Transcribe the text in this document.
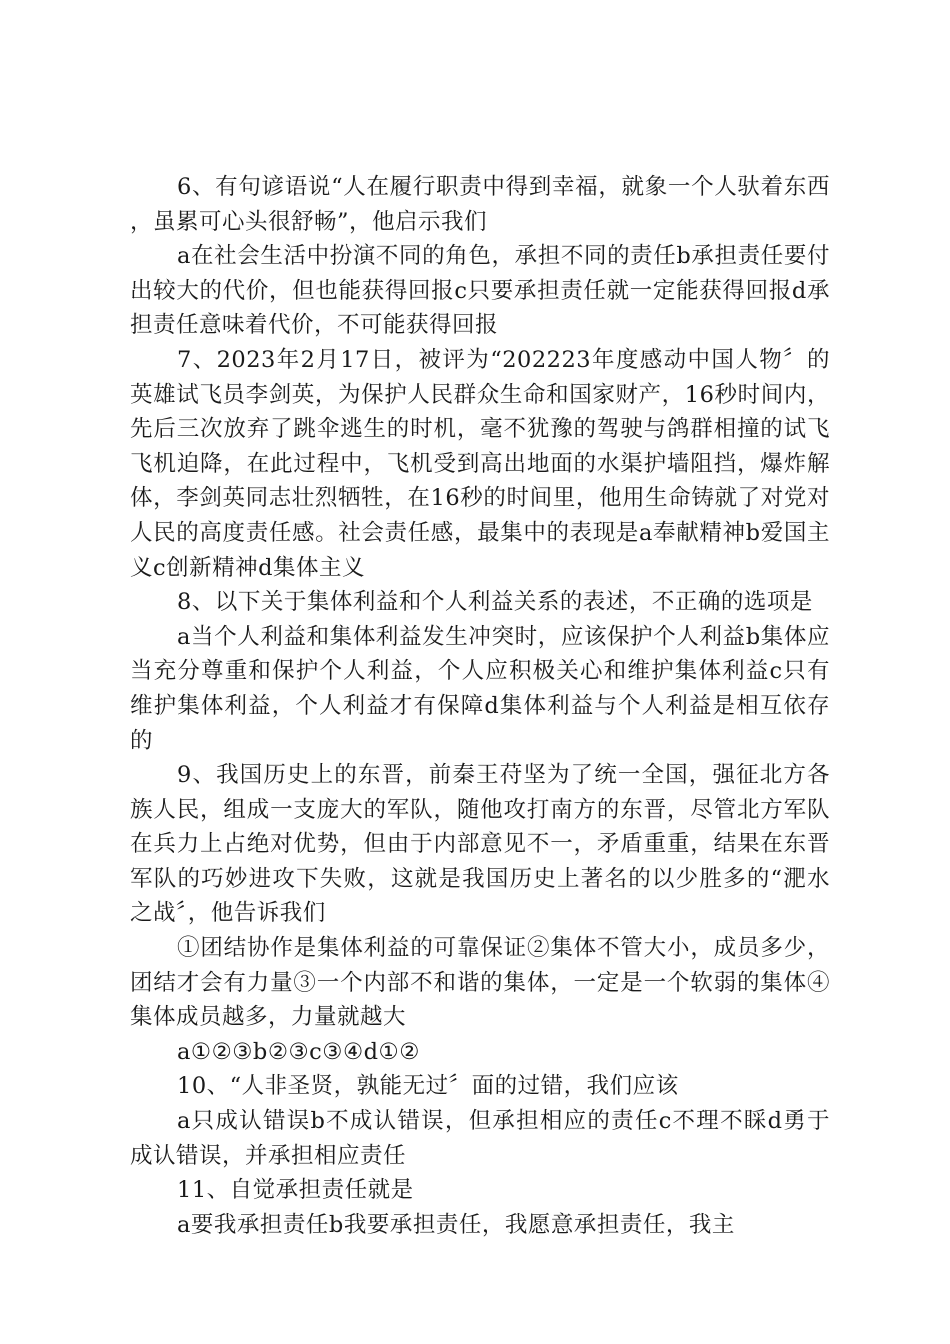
6、有句谚语说“人在履行职责中得到幸福，就象一个人驮着东西，虽累可心头很舒畅”，他启示我们

a在社会生活中扮演不同的角色，承担不同的责任b承担责任要付出较大的代价，但也能获得回报c只要承担责任就一定能获得回报d承担责任意味着代价，不可能获得回报

7、2023年2月17日，被评为“202223年度感动中国人物〞的英雄试飞员李剑英，为保护人民群众生命和国家财产，16秒时间内，先后三次放弃了跳伞逃生的时机，毫不犹豫的驾驶与鸽群相撞的试飞飞机迫降，在此过程中，飞机受到高出地面的水渠护墙阻挡，爆炸解体，李剑英同志壮烈牺牲，在16秒的时间里，他用生命铸就了对党对人民的高度责任感。社会责任感，最集中的表现是a奉献精神b爱国主义c创新精神d集体主义

8、以下关于集体利益和个人利益关系的表述，不正确的选项是

a当个人利益和集体利益发生冲突时，应该保护个人利益b集体应当充分尊重和保护个人利益，个人应积极关心和维护集体利益c只有维护集体利益，个人利益才有保障d集体利益与个人利益是相互依存的

9、我国历史上的东晋，前秦王苻坚为了统一全国，强征北方各族人民，组成一支庞大的军队，随他攻打南方的东晋，尽管北方军队在兵力上占绝对优势，但由于内部意见不一，矛盾重重，结果在东晋军队的巧妙进攻下失败，这就是我国历史上著名的以少胜多的“淝水之战〞，他告诉我们

①团结协作是集体利益的可靠保证②集体不管大小，成员多少，团结才会有力量③一个内部不和谐的集体，一定是一个软弱的集体④集体成员越多，力量就越大

a①②③b②③c③④d①②

10、“人非圣贤，孰能无过〞面的过错，我们应该

a只成认错误b不成认错误，但承担相应的责任c不理不睬d勇于成认错误，并承担相应责任

11、自觉承担责任就是

a要我承担责任b我要承担责任，我愿意承担责任，我主
